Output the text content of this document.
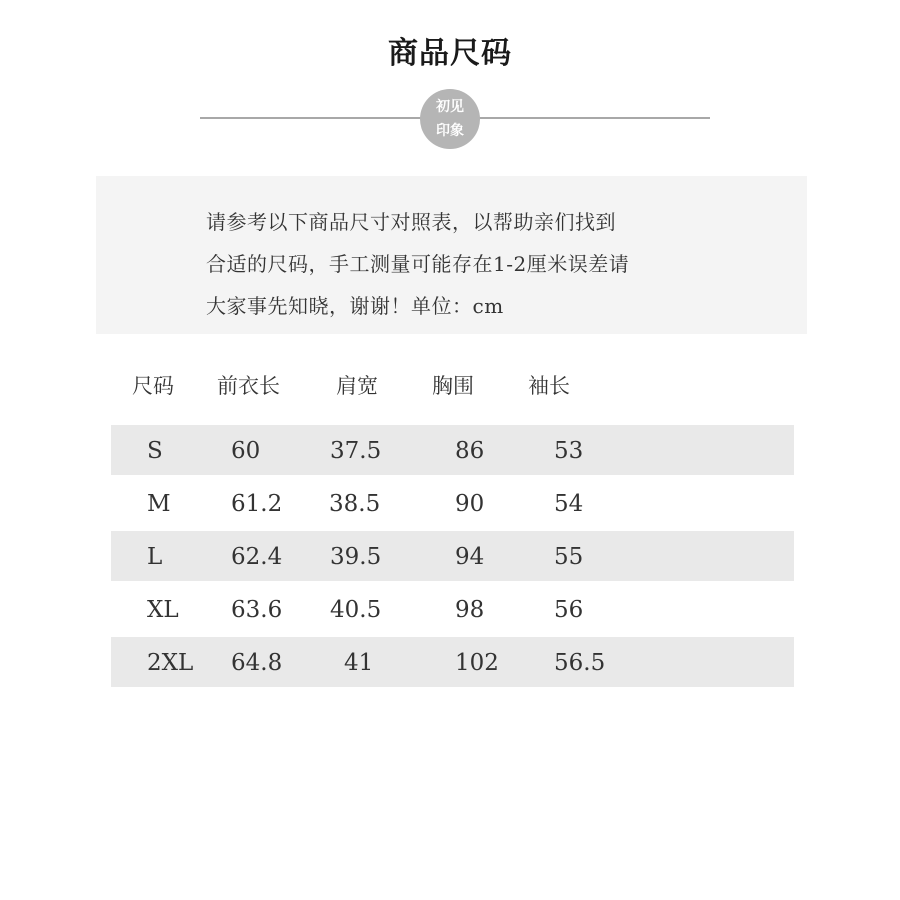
商品尺码
初见
印象
请参考以下商品尺寸对照表，以帮助亲们找到
合适的尺码，手工测量可能存在1-2厘米误差请
大家事先知晓，谢谢！单位：cm
尺码 前衣长	肩宽	胸围	袖长
S	60	37.5	86	53
M	61.2 38.5	90	54
L	62.4 39.5	94	55
XL 63.6 40.5	98	56
2XL 64.8	41	102 56.5
